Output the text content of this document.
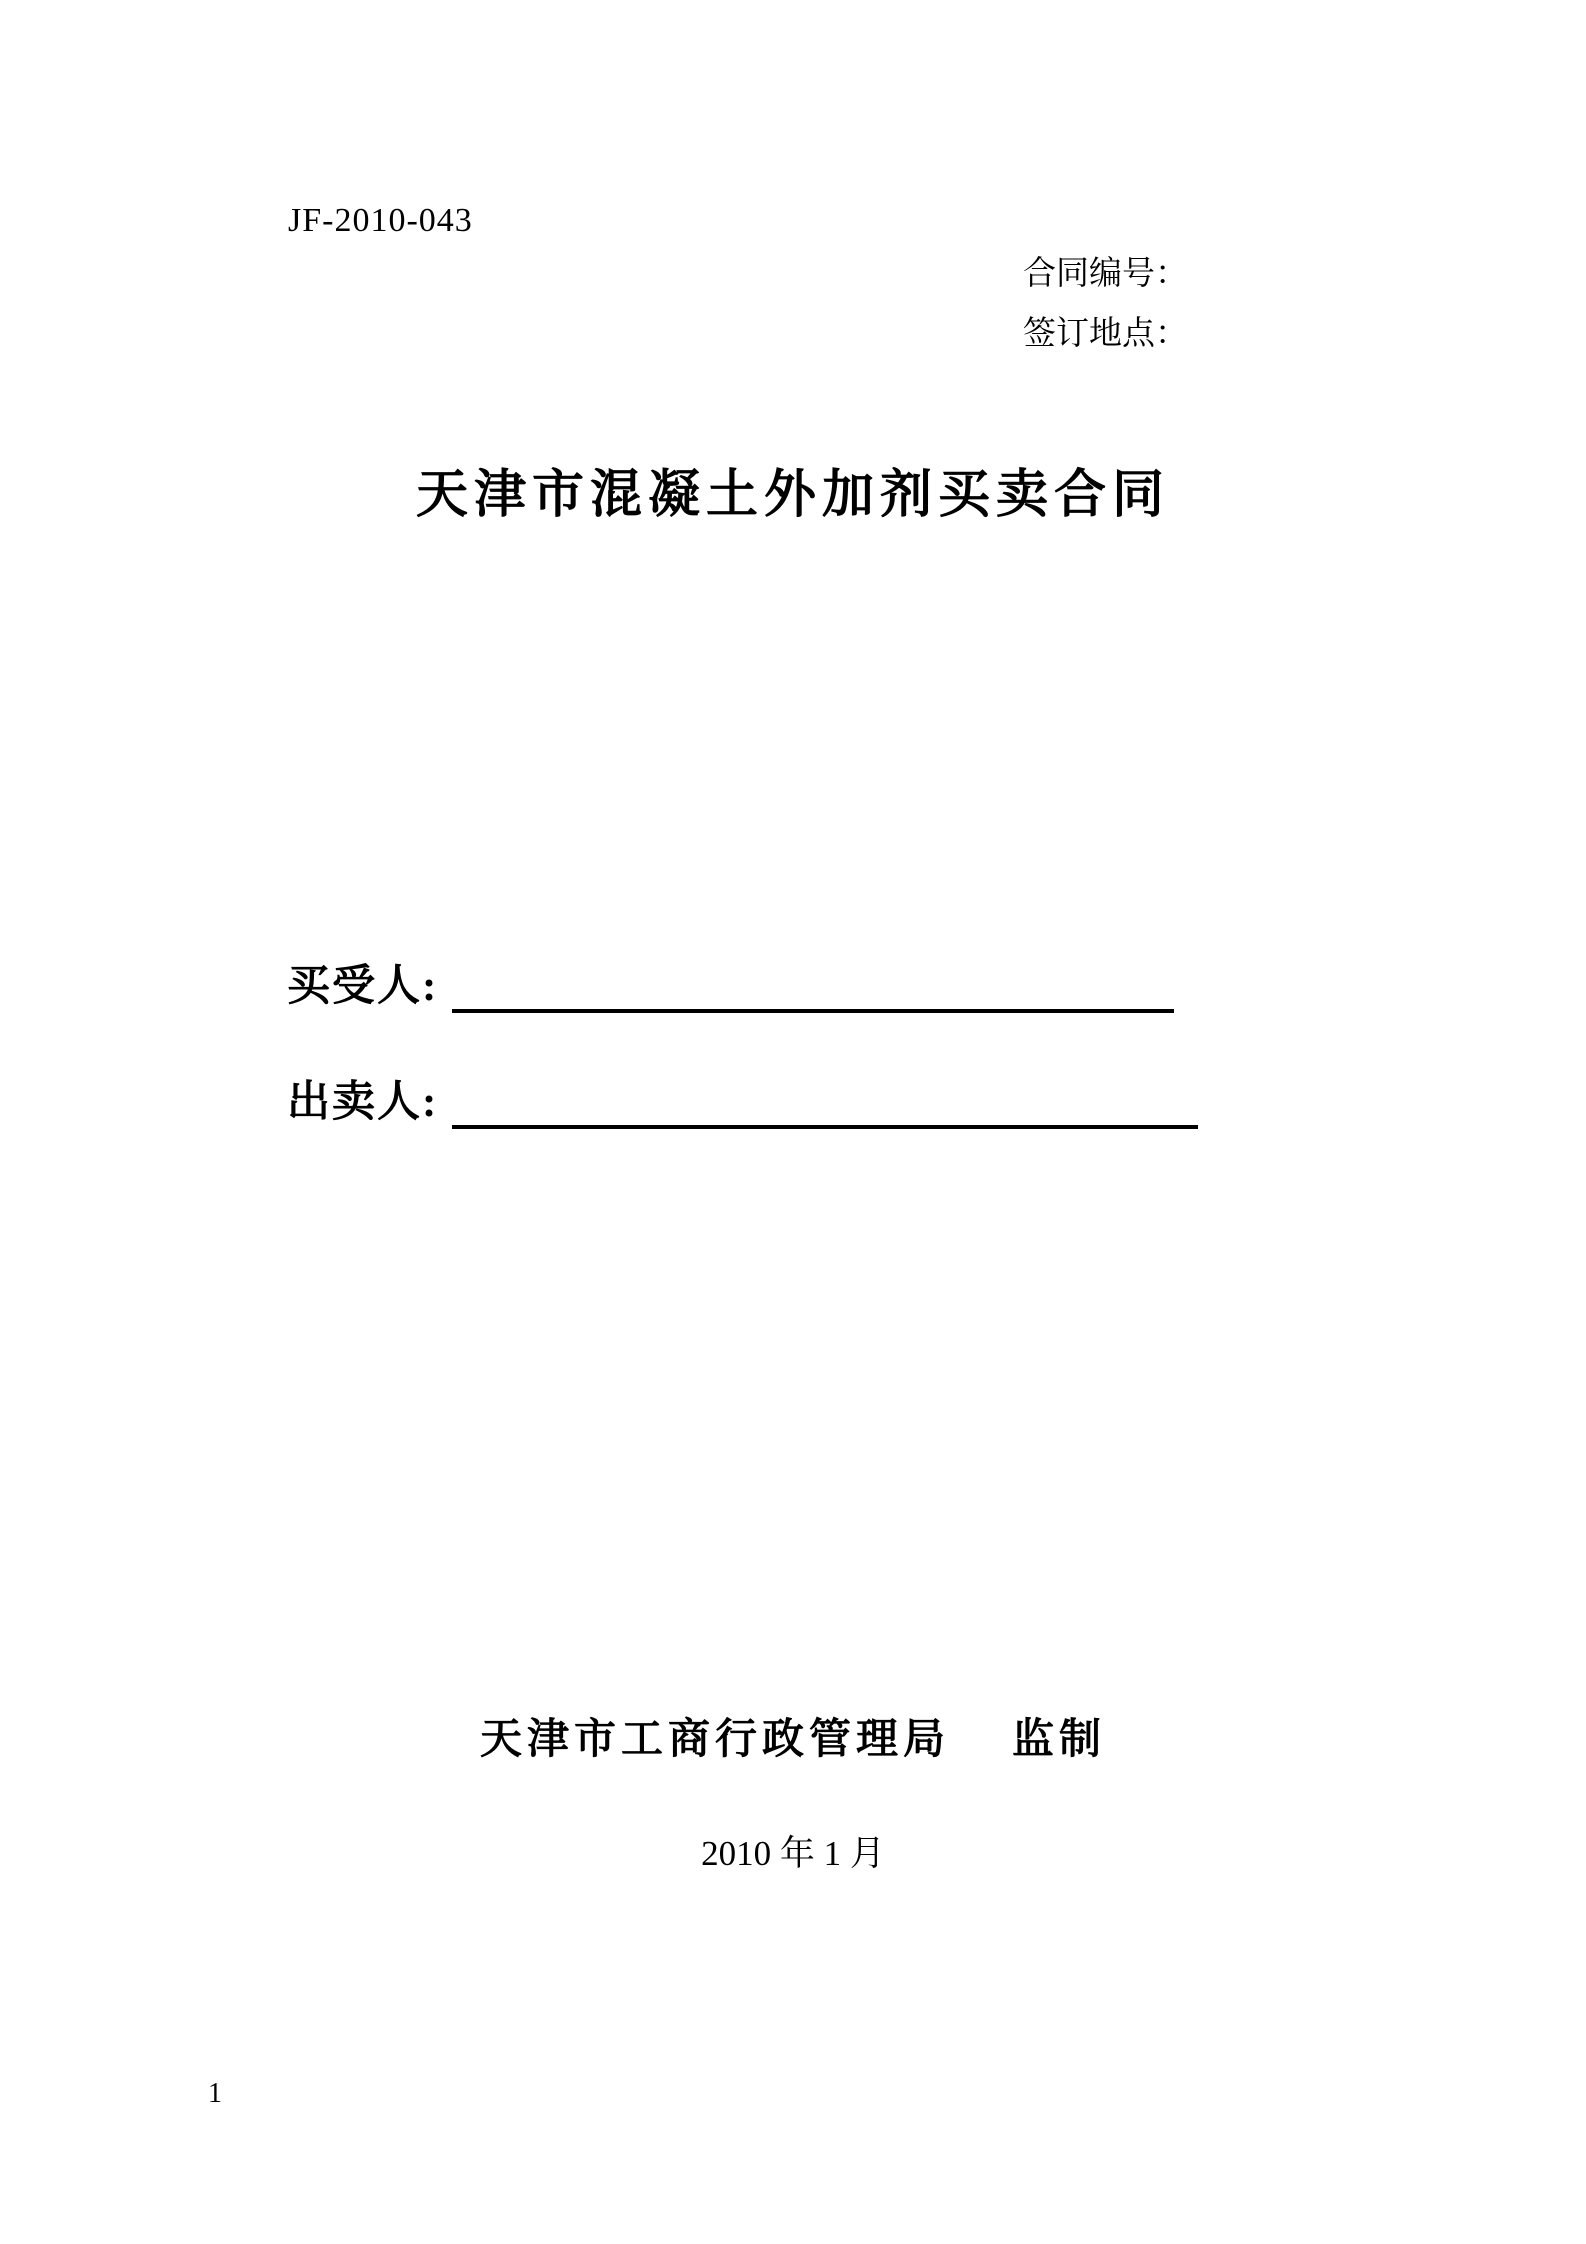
JF-2010-043
合同编号：
签订地点：
天津市混凝土外加剂买卖合同
买受人:
出卖人:
天津市工商行政管理局 监制
2010 年 1 月
1
